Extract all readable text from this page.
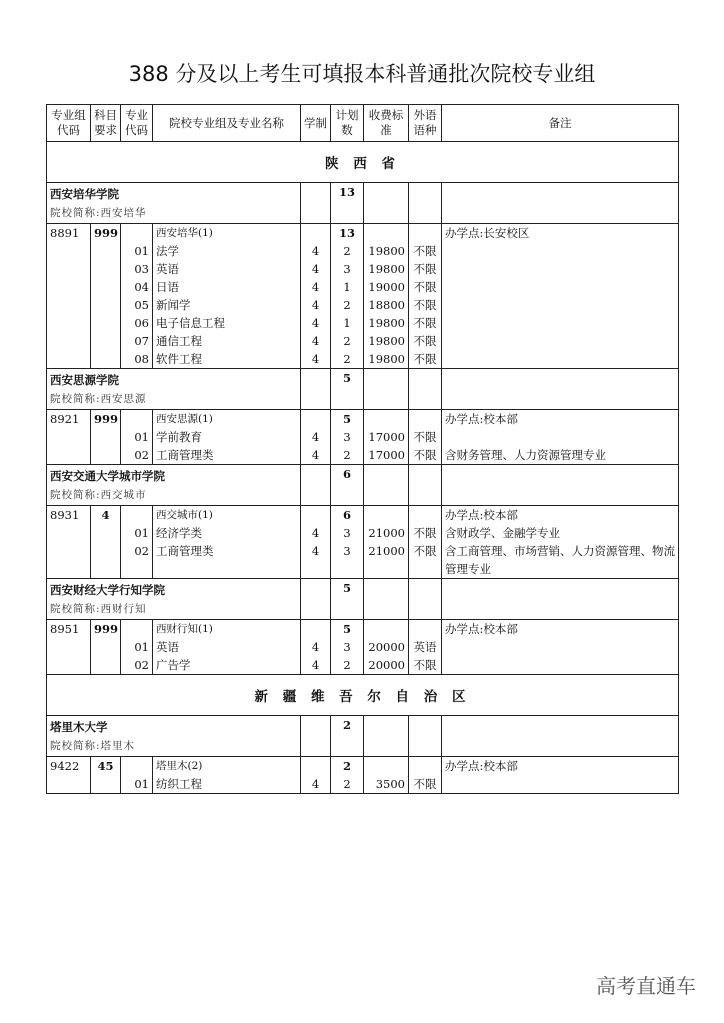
388 分及以上考生可填报本科普通批次院校专业组
专业组代码	科目要求	专业代码	院校专业组及专业名称	学制	计划数	收费标准	外语语种	备注
陕 西 省								

西安培华学院
院校简称:西安培华					13			
8891	999		西安培华(1)		13			办学点:长安校区
		01	法学	4	2	19800	不限	
		03	英语	4	3	19800	不限	
		04	日语	4	1	19000	不限	
		05	新闻学	4	2	18800	不限	
		06	电子信息工程	4	1	19800	不限	
		07	通信工程	4	2	19800	不限	
		08	软件工程	4	2	19800	不限	

西安思源学院
院校简称:西安思源					5			
8921	999		西安思源(1)		5			办学点:校本部
		01	学前教育	4	3	17000	不限	
		02	工商管理类	4	2	17000	不限	含财务管理、人力资源管理专业

西安交通大学城市学院
院校简称:西交城市					6			
8931	4		西交城市(1)		6			办学点:校本部
		01	经济学类	4	3	21000	不限	含财政学、金融学专业
		02	工商管理类	4	3	21000	不限	含工商管理、市场营销、人力资源管理、物流管理专业

西安财经大学行知学院
院校简称:西财行知					5			
8951	999		西财行知(1)		5			办学点:校本部
		01	英语	4	3	20000	英语	
		02	广告学	4	2	20000	不限	
新 疆 维 吾 尔 自 治 区								

塔里木大学
院校简称:塔里木					2			
9422	45		塔里木(2)		2			办学点:校本部
		01	纺织工程	4	2	3500	不限	
高考直通车
